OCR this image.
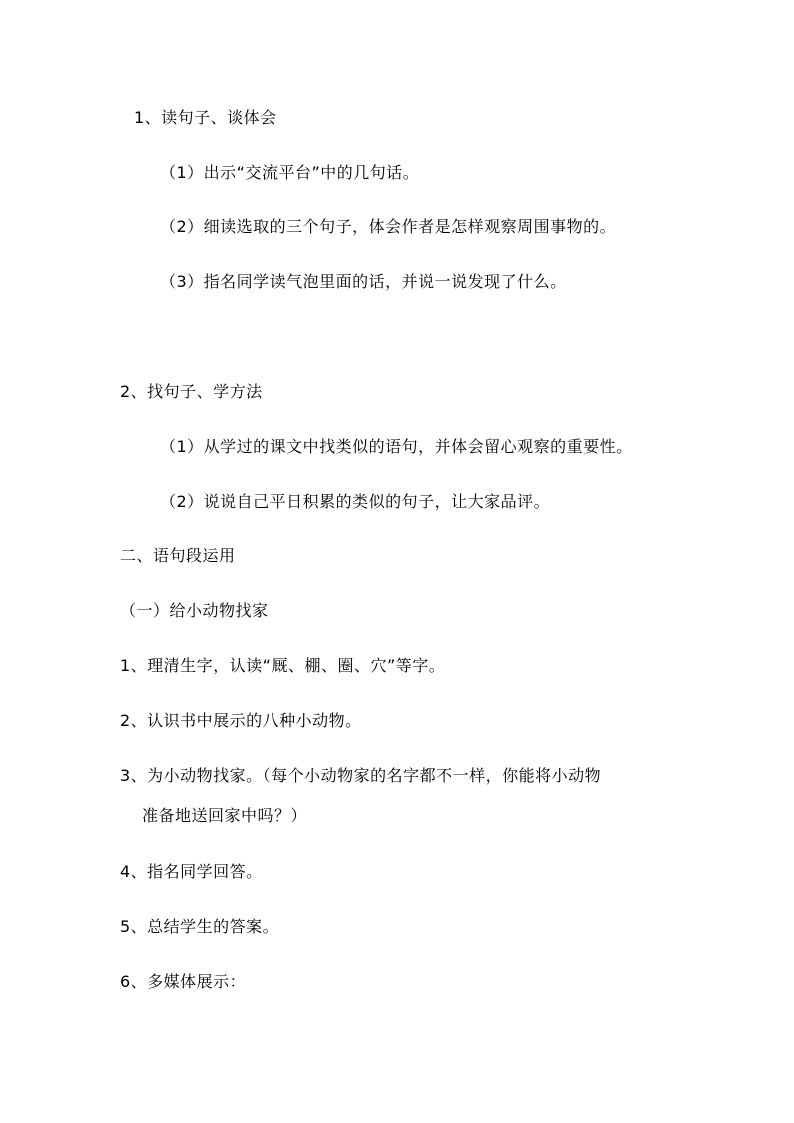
1、读句子、谈体会
（1）出示“交流平台”中的几句话。
（2）细读选取的三个句子，体会作者是怎样观察周围事物的。
（3）指名同学读气泡里面的话，并说一说发现了什么。
2、找句子、学方法
（1）从学过的课文中找类似的语句，并体会留心观察的重要性。
（2）说说自己平日积累的类似的句子，让大家品评。
二、语句段运用
（一）给小动物找家
1、理清生字，认读“厩、棚、圈、穴”等字。
2、认识书中展示的八种小动物。
3、为小动物找家。（每个小动物家的名字都不一样，你能将小动物
准备地送回家中吗？）
4、指名同学回答。
5、总结学生的答案。
6、多媒体展示：
